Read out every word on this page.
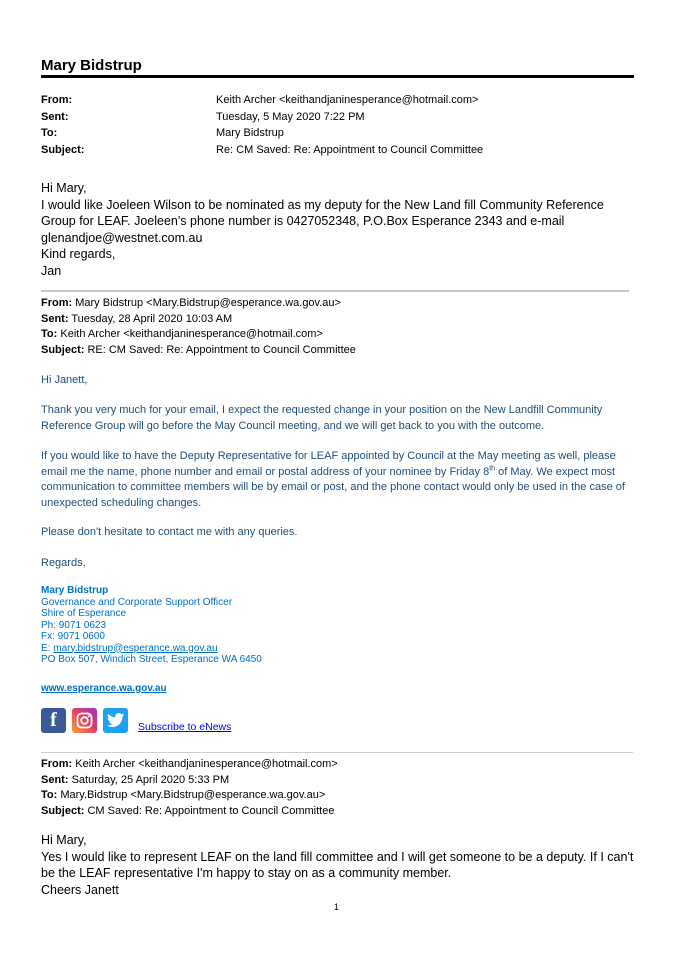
Mary Bidstrup
From:	Keith Archer <keithandjaninesperance@hotmail.com>
Sent:	Tuesday, 5 May 2020 7:22 PM
To:	Mary Bidstrup
Subject:	Re: CM Saved: Re: Appointment to Council Committee

Hi Mary,

I would like Joeleen Wilson to be nominated as my deputy for the New Land fill Community Reference Group for LEAF. Joeleen's phone number is 0427052348, P.O.Box Esperance 2343 and e-mail glenandjoe@westnet.com.au

Kind regards,

Jan

From: Mary Bidstrup <Mary.Bidstrup@esperance.wa.gov.au>
Sent: Tuesday, 28 April 2020 10:03 AM
To: Keith Archer <keithandjaninesperance@hotmail.com>
Subject: RE: CM Saved: Re: Appointment to Council Committee
Hi Janett,
Thank you very much for your email, I expect the requested change in your position on the New Landfill Community Reference Group will go before the May Council meeting, and we will get back to you with the outcome.
If you would like to have the Deputy Representative for LEAF appointed by Council at the May meeting as well, please email me the name, phone number and email or postal address of your nominee by Friday 8th of May. We expect most communication to committee members will be by email or post, and the phone contact would only be used in the case of unexpected scheduling changes.
Please don't hesitate to contact me with any queries.
Regards,
Mary Bidstrup
Governance and Corporate Support Officer
Shire of Esperance
Ph: 9071 0623
Fx: 9071 0600
E: mary.bidstrup@esperance.wa.gov.au
PO Box 507, Windich Street, Esperance WA 6450
www.esperance.wa.gov.au
f	Subscribe to eNews
From: Keith Archer <keithandjaninesperance@hotmail.com>
Sent: Saturday, 25 April 2020 5:33 PM
To: Mary.Bidstrup <Mary.Bidstrup@esperance.wa.gov.au>
Subject: CM Saved: Re: Appointment to Council Committee

Hi Mary,

Yes I would like to represent LEAF on the land fill committee and I will get someone to be a deputy. If I can't be the LEAF representative I'm happy to stay on as a community member.

Cheers Janett

1
